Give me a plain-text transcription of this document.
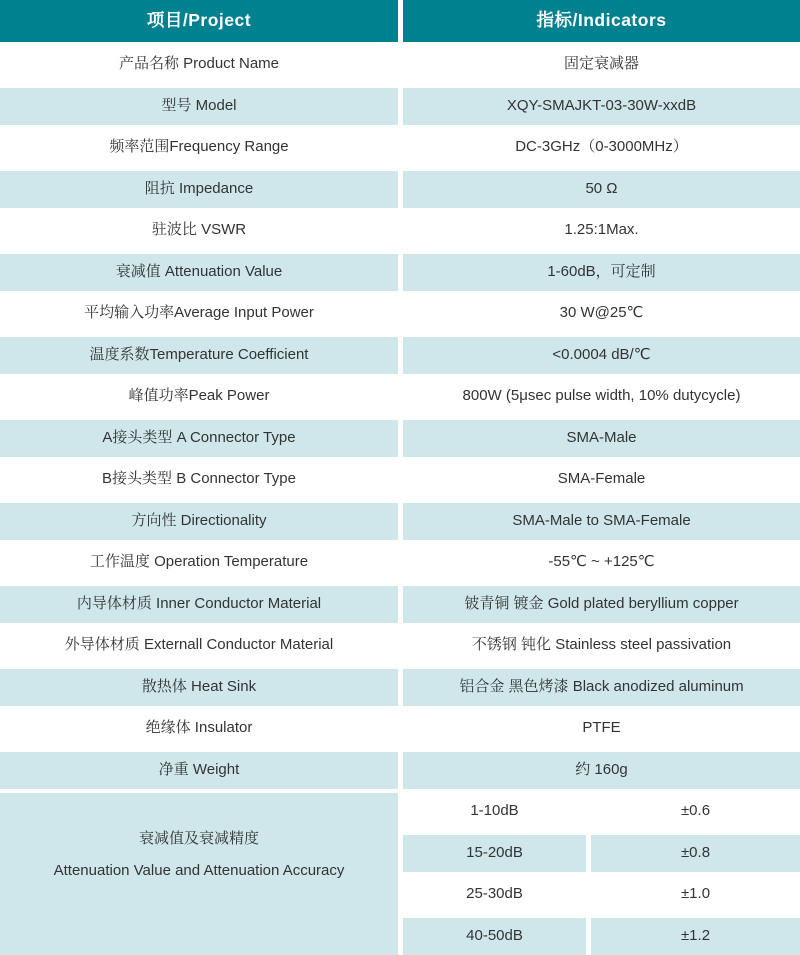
项目/Project	指标/Indicators
产品名称 Product Name	固定衰减器
型号 Model	XQY-SMAJKT-03-30W-xxdB
频率范围Frequency Range	DC-3GHz（0-3000MHz）
阻抗 Impedance	50 Ω
驻波比 VSWR	1.25:1Max.
衰减值 Attenuation Value	1-60dB，可定制
平均输入功率Average Input Power	30 W@25℃
温度系数Temperature Coefficient	<0.0004 dB/℃
峰值功率Peak Power	800W (5μsec pulse width, 10% dutycycle)
A接头类型 A Connector Type	SMA-Male
B接头类型 B Connector Type	SMA-Female
方向性 Directionality	SMA-Male to SMA-Female
工作温度 Operation Temperature	-55℃ ~ +125℃
内导体材质 Inner Conductor Material	铍青铜 镀金 Gold plated beryllium copper
外导体材质 Externall Conductor Material	不锈钢 钝化 Stainless steel passivation
散热体 Heat Sink	铝合金 黑色烤漆 Black anodized aluminum
绝缘体 Insulator	PTFE
净重 Weight	约 160g
衰减值及衰减精度
Attenuation Value and Attenuation Accuracy
1-10dB	±0.6
15-20dB	±0.8
25-30dB	±1.0
40-50dB	±1.2
